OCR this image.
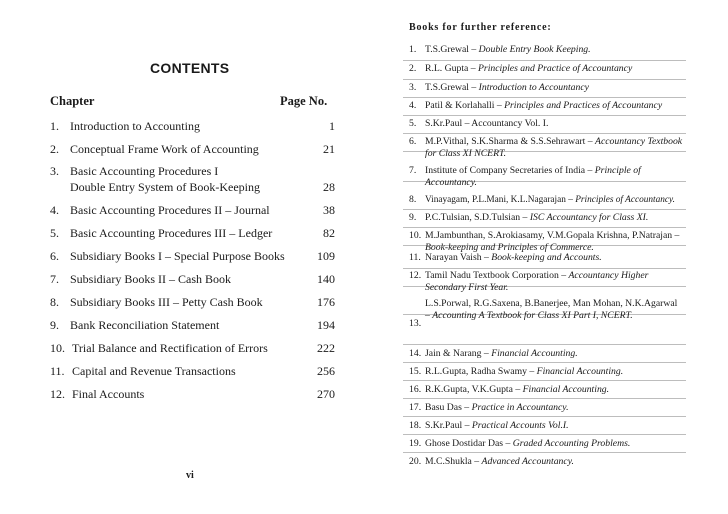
CONTENTS
Chapter	Page No.
1. Introduction to Accounting	1
2. Conceptual Frame Work of Accounting	21
3. Basic Accounting Procedures I
Double Entry System of Book-Keeping	28
4. Basic Accounting Procedures II – Journal	38
5. Basic Accounting Procedures III – Ledger	82
6. Subsidiary Books I – Special Purpose Books	109
7. Subsidiary Books II – Cash Book	140
8. Subsidiary Books III – Petty Cash Book	176
9. Bank Reconciliation Statement	194
10. Trial Balance and Rectification of Errors	222
11. Capital and Revenue Transactions	256
12. Final Accounts	270
vi
Books for further reference:
1. T.S.Grewal – Double Entry Book Keeping.
2. R.L. Gupta – Principles and Practice of Accountancy
3. T.S.Grewal – Introduction to Accountancy
4. Patil & Korlahalli – Principles and Practices of Accountancy
5. S.Kr.Paul – Accountancy Vol. I.
6. M.P.Vithal, S.K.Sharma & S.S.Sehrawart – Accountancy Textbook for Class XI NCERT.
7. Institute of Company Secretaries of India – Principle of Accountancy.
8. Vinayagam, P.L.Mani, K.L.Nagarajan – Principles of Accountancy.
9. P.C.Tulsian, S.D.Tulsian – ISC Accountancy for Class XI.
10. M.Jambunthan, S.Arokiasamy, V.M.Gopala Krishna, P.Natrajan – Book-keeping and Principles of Commerce.
11. Narayan Vaish – Book-keeping and Accounts.
12. Tamil Nadu Textbook Corporation – Accountancy Higher Secondary First Year.
13.
L.S.Porwal, R.G.Saxena, B.Banerjee, Man Mohan, N.K.Agarwal – Accounting A Textbook for Class XI Part I, NCERT.
14. Jain & Narang – Financial Accounting.
15. R.L.Gupta, Radha Swamy – Financial Accounting.
16. R.K.Gupta, V.K.Gupta – Financial Accounting.
17. Basu Das – Practice in Accountancy.
18. S.Kr.Paul – Practical Accounts Vol.I.
19. Ghose Dostidar Das – Graded Accounting Problems.
20. M.C.Shukla – Advanced Accountancy.
